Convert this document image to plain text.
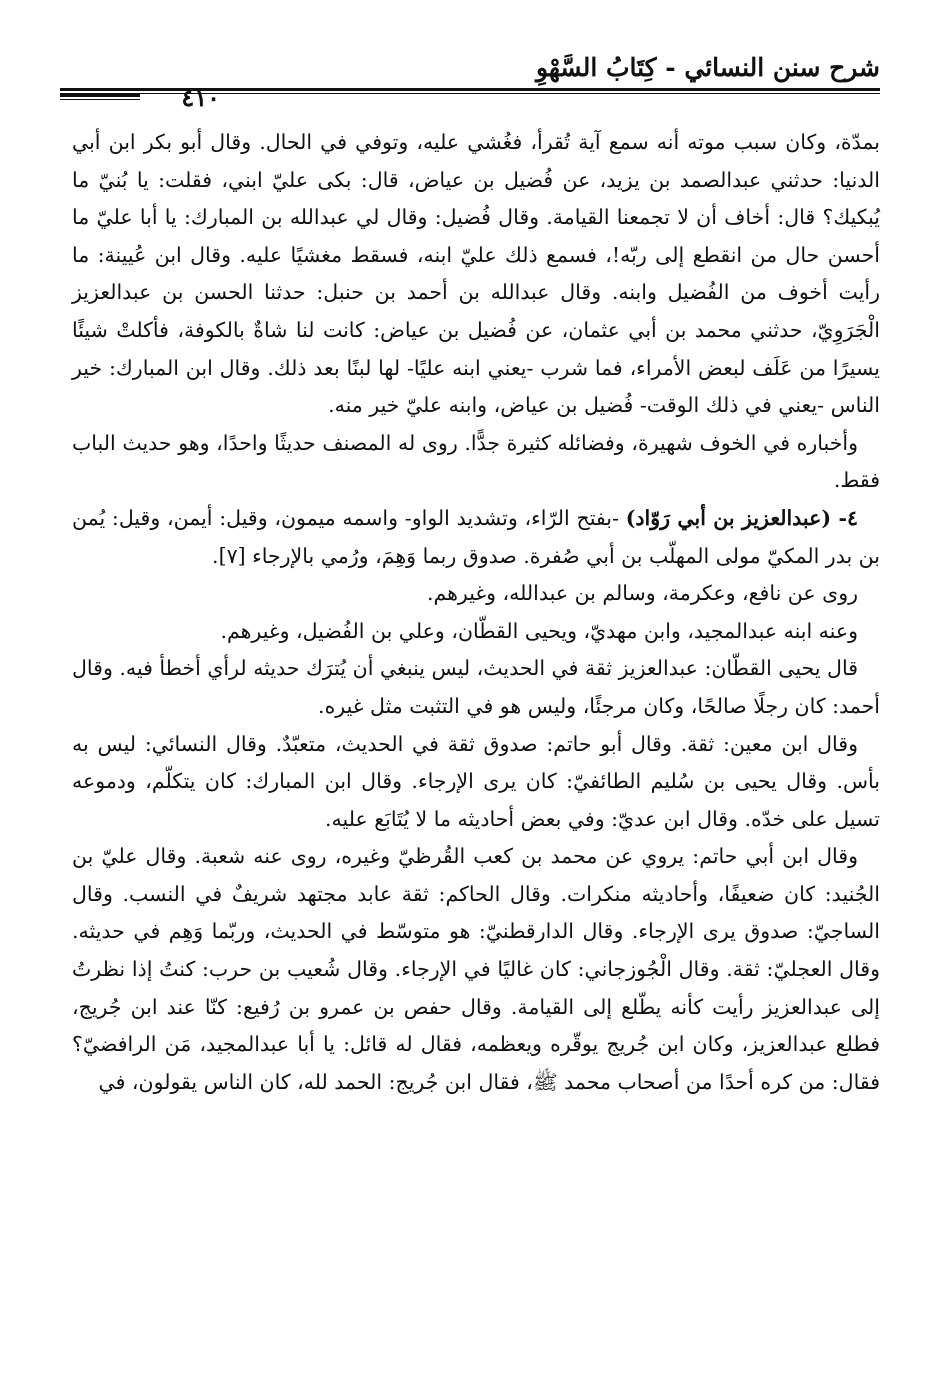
شرح سنن النسائي - كِتَابُ السَّهْوِ
٤١٠

بمدّة، وكان سبب موته أنه سمع آية تُقرأ، فغُشي عليه، وتوفي في الحال. وقال أبو بكر ابن أبي الدنيا: حدثني عبدالصمد بن يزيد، عن فُضيل بن عياض، قال: بكى عليّ ابني، فقلت: يا بُنيّ ما يُبكيك؟ قال: أخاف أن لا تجمعنا القيامة. وقال فُضيل: وقال لي عبدالله بن المبارك: يا أبا عليّ ما أحسن حال من انقطع إلى ربّه!، فسمع ذلك عليّ ابنه، فسقط مغشيًا عليه. وقال ابن عُيينة: ما رأيت أخوف من الفُضيل وابنه. وقال عبدالله بن أحمد بن حنبل: حدثنا الحسن بن عبدالعزيز الْجَرَوِيّ، حدثني محمد بن أبي عثمان، عن فُضيل بن عياض: كانت لنا شاةٌ بالكوفة، فأكلتْ شيئًا يسيرًا من عَلَف لبعض الأمراء، فما شرب -يعني ابنه عليًا- لها لبنًا بعد ذلك. وقال ابن المبارك: خير الناس -يعني في ذلك الوقت- فُضيل بن عياض، وابنه عليّ خير منه.

وأخباره في الخوف شهيرة، وفضائله كثيرة جدًّا. روى له المصنف حديثًا واحدًا، وهو حديث الباب فقط.

٤- (عبدالعزيز بن أبي رَوّاد) -بفتح الرّاء، وتشديد الواو- واسمه ميمون، وقيل: أيمن، وقيل: يُمن بن بدر المكيّ مولى المهلّب بن أبي صُفرة. صدوق ربما وَهِمَ، ورُمي بالإرجاء [٧].

روى عن نافع، وعكرمة، وسالم بن عبدالله، وغيرهم.

وعنه ابنه عبدالمجيد، وابن مهديّ، ويحيى القطّان، وعلي بن الفُضيل، وغيرهم.

قال يحيى القطّان: عبدالعزيز ثقة في الحديث، ليس ينبغي أن يُترَك حديثه لرأي أخطأ فيه. وقال أحمد: كان رجلًا صالحًا، وكان مرجئًا، وليس هو في التثبت مثل غيره.

وقال ابن معين: ثقة. وقال أبو حاتم: صدوق ثقة في الحديث، متعبّدٌ. وقال النسائي: ليس به بأس. وقال يحيى بن سُليم الطائفيّ: كان يرى الإرجاء. وقال ابن المبارك: كان يتكلّم، ودموعه تسيل على خدّه. وقال ابن عديّ: وفي بعض أحاديثه ما لا يُتَابَع عليه.

وقال ابن أبي حاتم: يروي عن محمد بن كعب القُرظيّ وغيره، روى عنه شعبة. وقال عليّ بن الجُنيد: كان ضعيفًا، وأحاديثه منكرات. وقال الحاكم: ثقة عابد مجتهد شريفٌ في النسب. وقال الساجيّ: صدوق يرى الإرجاء. وقال الدارقطنيّ: هو متوسّط في الحديث، وربّما وَهِم في حديثه. وقال العجليّ: ثقة. وقال الْجُوزجاني: كان غاليًا في الإرجاء. وقال شُعيب بن حرب: كنتُ إذا نظرتُ إلى عبدالعزيز رأيت كأنه يطّلع إلى القيامة. وقال حفص بن عمرو بن رُفيع: كنّا عند ابن جُريج، فطلع عبدالعزيز، وكان ابن جُريج يوقّره ويعظمه، فقال له قائل: يا أبا عبدالمجيد، مَن الرافضيّ؟ فقال: من كره أحدًا من أصحاب محمد ﷺ، فقال ابن جُريج: الحمد لله، كان الناس يقولون، في
